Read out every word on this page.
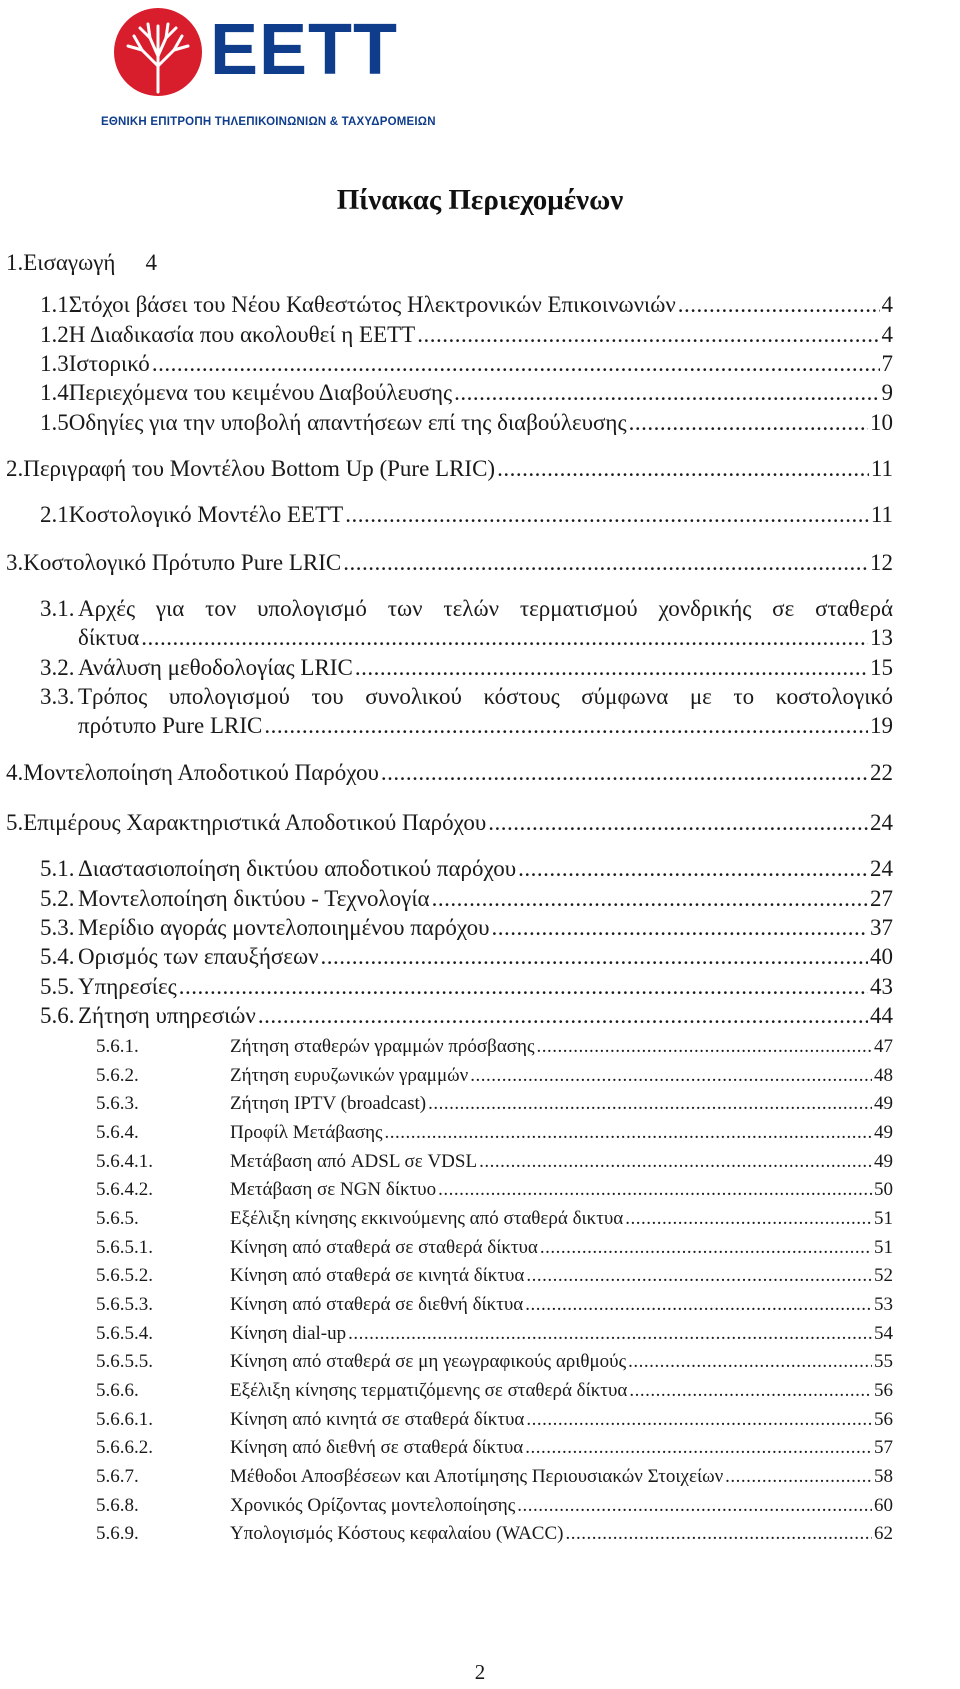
EETT
ΕΘΝΙΚΗ ΕΠΙΤΡΟΠΗ ΤΗΛΕΠΙΚΟΙΝΩΝΙΩΝ & ΤΑΧΥΔΡΟΜΕΙΩΝ
Πίνακας Περιεχομένων
1. Εισαγωγή 4
1.1 Στόχοι βάσει του Νέου Καθεστώτος Ηλεκτρονικών Επικοινωνιών .....	4
1.2 Η Διαδικασία που ακολουθεί η ΕΕΤΤ .....	4
1.3 Ιστορικό .....	7
1.4 Περιεχόμενα του κειμένου Διαβούλευσης .....	9
1.5 Οδηγίες για την υποβολή απαντήσεων επί της διαβούλευσης .....	10
2. Περιγραφή του Μοντέλου Bottom Up (Pure LRIC) .....	11
2.1 Κοστολογικό Μοντέλο ΕΕΤΤ .....	11
3. Κοστολογικό Πρότυπο Pure LRIC .....	12
3.1. Αρχές για τον υπολογισμό των τελών τερματισμού χονδρικής σε σταθερά
δίκτυα .....	13
3.2. Ανάλυση μεθοδολογίας LRIC .....	15
3.3. Τρόπος υπολογισμού του συνολικού κόστους σύμφωνα με το κοστολογικό
πρότυπο Pure LRIC .....	19
4. Μοντελοποίηση Αποδοτικού Παρόχου .....	22
5. Επιμέρους Χαρακτηριστικά Αποδοτικού Παρόχου .....	24
5.1. Διαστασιοποίηση δικτύου αποδοτικού παρόχου .....	24
5.2. Μοντελοποίηση δικτύου - Τεχνολογία .....	27
5.3. Μερίδιο αγοράς μοντελοποιημένου παρόχου .....	37
5.4. Ορισμός των επαυξήσεων .....	40
5.5. Υπηρεσίες .....	43
5.6. Ζήτηση υπηρεσιών .....	44
5.6.1.	Ζήτηση σταθερών γραμμών πρόσβασης .....	47
5.6.2.	Ζήτηση ευρυζωνικών γραμμών .....	48
5.6.3.	Ζήτηση IPTV (broadcast) .....	49
5.6.4.	Προφίλ Μετάβασης .....	49
5.6.4.1.	Μετάβαση από ADSL σε VDSL .....	49
5.6.4.2.	Μετάβαση σε NGN δίκτυο .....	50
5.6.5.	Εξέλιξη κίνησης εκκινούμενης από σταθερά δικτυα .....	51
5.6.5.1.	Κίνηση από σταθερά σε σταθερά δίκτυα .....	51
5.6.5.2.	Κίνηση από σταθερά σε κινητά δίκτυα .....	52
5.6.5.3.	Κίνηση από σταθερά σε διεθνή δίκτυα .....	53
5.6.5.4.	Κίνηση dial-up .....	54
5.6.5.5.	Κίνηση από σταθερά σε μη γεωγραφικούς αριθμούς .....	55
5.6.6.	Εξέλιξη κίνησης τερματιζόμενης σε σταθερά δίκτυα .....	56
5.6.6.1.	Κίνηση από κινητά σε σταθερά δίκτυα .....	56
5.6.6.2.	Κίνηση από διεθνή σε σταθερά δίκτυα .....	57
5.6.7.	Μέθοδοι Αποσβέσεων και Αποτίμησης Περιουσιακών Στοιχείων .....	58
5.6.8.	Χρονικός Ορίζοντας μοντελοποίησης .....	60
5.6.9.	Υπολογισμός Κόστους κεφαλαίου (WACC) .....	62
2
